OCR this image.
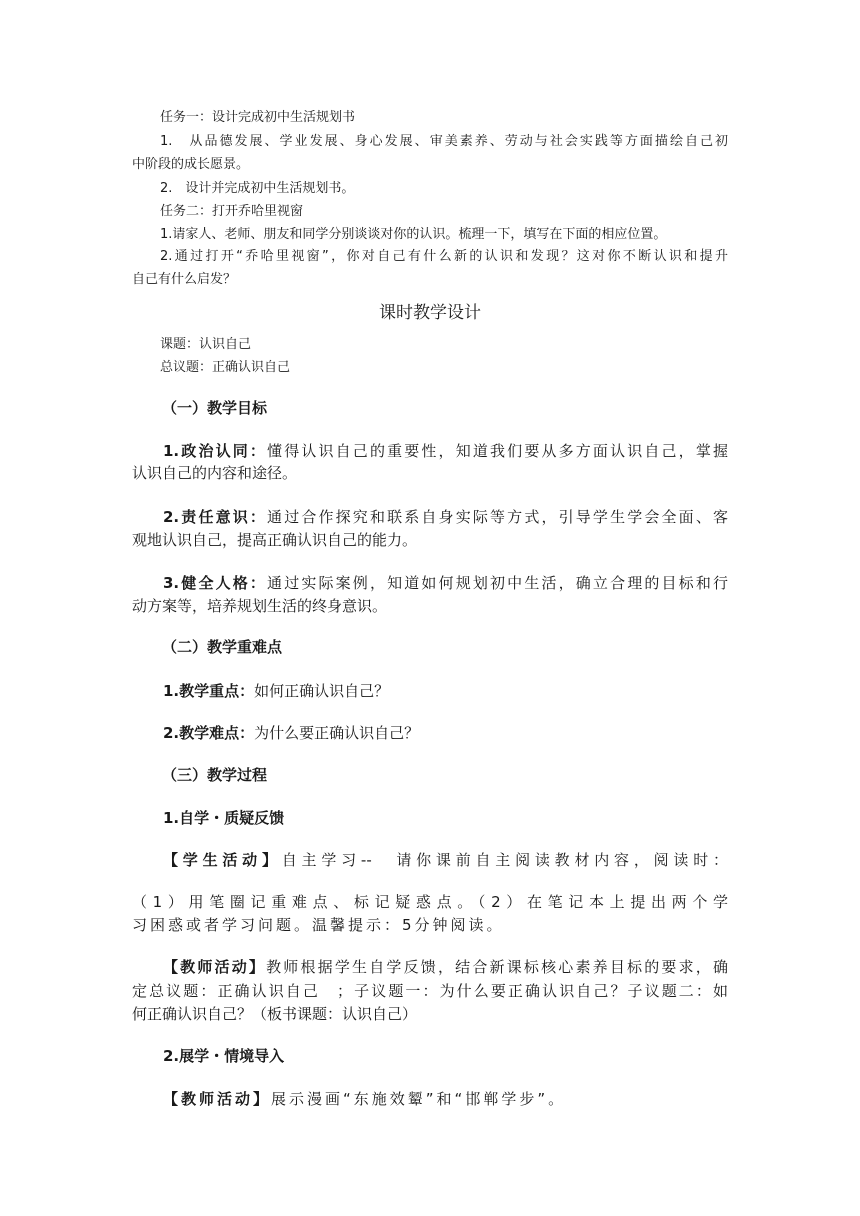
任务一：设计完成初中生活规划书
1.　从品德发展、学业发展、身心发展、审美素养、劳动与社会实践等方面描绘自己初
中阶段的成长愿景。
2.　设计并完成初中生活规划书。
任务二：打开乔哈里视窗
1.请家人、老师、朋友和同学分别谈谈对你的认识。梳理一下，填写在下面的相应位置。
2.通过打开“乔哈里视窗”，你对自己有什么新的认识和发现？这对你不断认识和提升
自己有什么启发？
课时教学设计
课题：认识自己
总议题：正确认识自己
（一）教学目标
1.政治认同：懂得认识自己的重要性，知道我们要从多方面认识自己，掌握
认识自己的内容和途径。
2.责任意识：通过合作探究和联系自身实际等方式，引导学生学会全面、客
观地认识自己，提高正确认识自己的能力。
3.健全人格：通过实际案例，知道如何规划初中生活，确立合理的目标和行
动方案等，培养规划生活的终身意识。
（二）教学重难点
1.教学重点：如何正确认识自己？
2.教学难点：为什么要正确认识自己？
（三）教学过程
1.自学・质疑反馈
【学生活动】自主学习--　请你课前自主阅读教材内容，阅读时：
（1）用笔圈记重难点、标记疑惑点。（2）在笔记本上提出两个学
习困惑或者学习问题。温馨提示：5分钟阅读。
【教师活动】教师根据学生自学反馈，结合新课标核心素养目标的要求，确
定总议题：正确认识自己　；子议题一：为什么要正确认识自己？子议题二：如
何正确认识自己？（板书课题：认识自己）
2.展学・情境导入
【教师活动】展示漫画“东施效颦”和“邯郸学步”。
